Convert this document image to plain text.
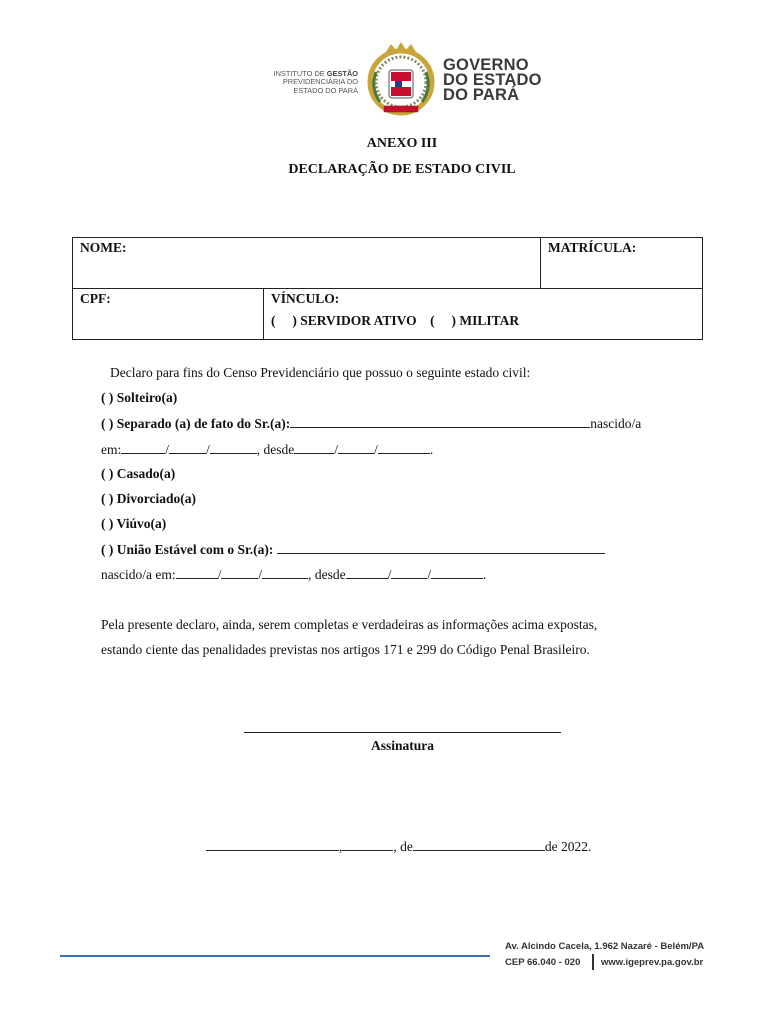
INSTITUTO DE GESTÃO
PREVIDENCIÁRIA DO
ESTADO DO PARÁ
GOVERNO
DO ESTADO
DO PARÁ
ANEXO III
DECLARAÇÃO DE ESTADO CIVIL
NOME:		MATRÍCULA:
CPF:	VÍNCULO:
(     ) SERVIDOR ATIVO    (     ) MILITAR	
Declaro para fins do Censo Previdenciário que possuo o seguinte estado civil:
( ) Solteiro(a)
( ) Separado (a) de fato do Sr.(a):	nascido/a
em:	/	/	, desde	/	/	.
( ) Casado(a)
( ) Divorciado(a)
( ) Viúvo(a)
( ) União Estável com o Sr.(a):
nascido/a em:	/	/	, desde	/	/	.
Pela presente declaro, ainda, serem completas e verdadeiras as informações acima expostas,
estando ciente das penalidades previstas nos artigos 171 e 299 do Código Penal Brasileiro.
Assinatura
,	, de	de 2022.
Av. Alcindo Cacela, 1.962 Nazaré - Belém/PA
CEP 66.040 - 020 www.igeprev.pa.gov.br
